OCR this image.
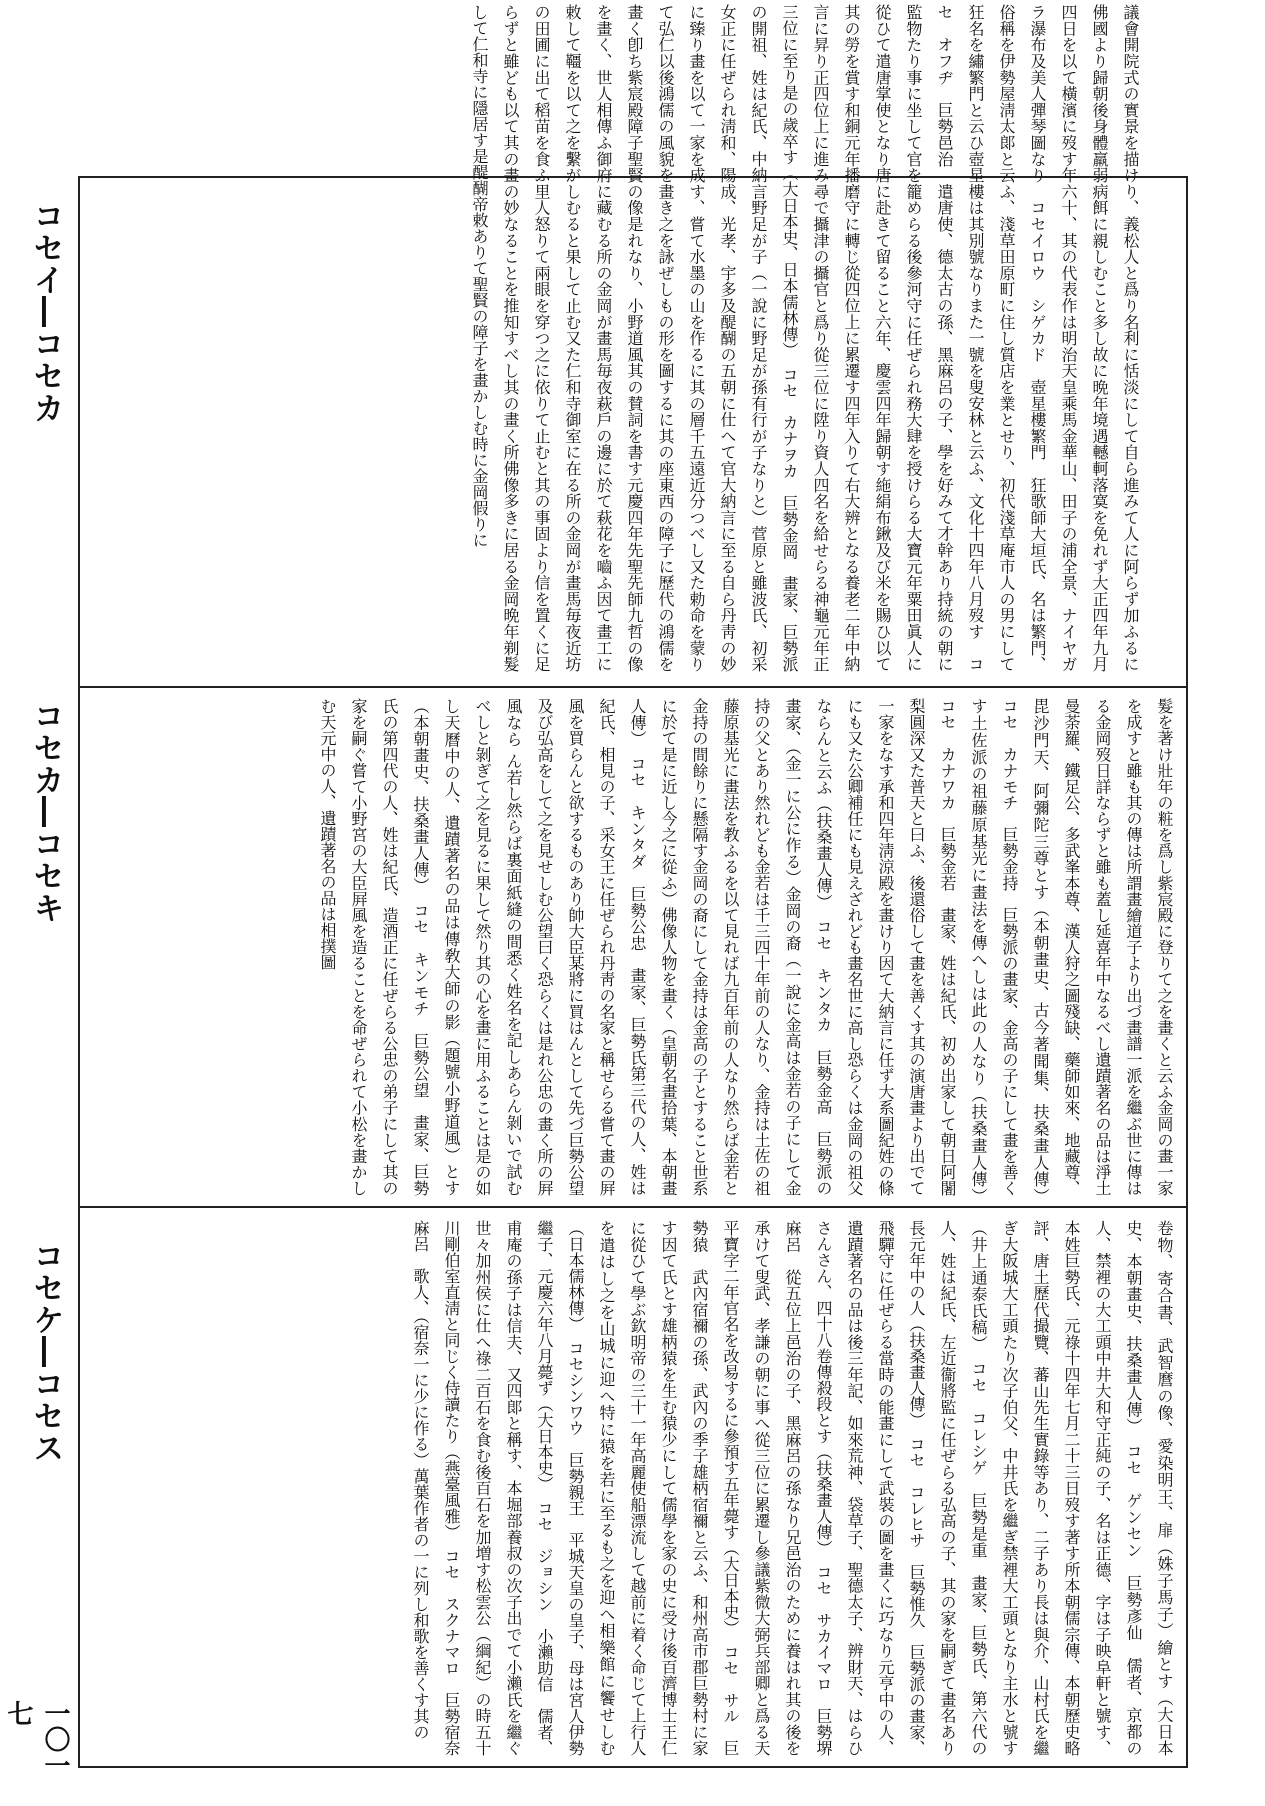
コセイ―コセカ
コセカ―コセキ
コセケ―コセス
一〇一七
議會開院式の實景を描けり、義松人と爲り名利に恬淡にして自ら進みて人に阿らず加ふるに佛國より歸朝後身體羸弱病餌に親しむこと多し故に晩年境遇轗軻落寞を免れず大正四年九月四日を以て橫濱に歿す年六十、其の代表作は明治天皇乘馬金華山、田子の浦全景、ナイヤガラ瀑布及美人彈琴圖なり　コセイロウ　シゲカド　壺星樓繁門　狂歌師大垣氏、名は繁門、俗稱を伊勢屋淸太郞と云ふ、淺草田原町に住し質店を業とせり、初代淺草庵市人の男にして狂名を繡繁門と云ひ壺星樓は其別號なりまた一號を叟安林と云ふ、文化十四年八月歿す　コセ　オフヂ　巨勢邑治　遣唐使、德太古の孫、黑麻呂の子、學を好みて才幹あり持統の朝に監物たり事に坐して官を籠めらる後參河守に任ぜられ務大肆を授けらる大寶元年粟田眞人に從ひて遣唐掌使となり唐に赴きて留ること六年、慶雲四年歸朝す絁絹布鍬及び米を賜ひ以て其の勞を賞す和銅元年播磨守に轉じ從四位上に累遷す四年入りて右大辨となる養老二年中納言に昇り正四位上に進み尋で攝津の攝官と爲り從三位に陞り資人四名を給せらる神龜元年正三位に至り是の歲卒す（大日本史、日本儒林傳）　コセ　カナヲカ　巨勢金岡　畫家、巨勢派の開祖、姓は紀氏、中納言野足が子（一說に野足が孫有行が子なりと）菅原と雖波氏、初采女正に任ぜられ淸和、陽成、光孝、宇多及醍醐の五朝に仕へて官大納言に至る自ら丹靑の妙に臻り畫を以て一家を成す、嘗て水墨の山を作るに其の層千五遠近分つべし又た勅命を蒙りて弘仁以後鴻儒の風貌を畫き之を詠ぜしもの形を圖するに其の座東西の障子に歷代の鴻儒を畫く卽ち紫宸殿障子聖賢の像是れなり、小野道風其の賛詞を書す元慶四年先聖先師九哲の像を畫く、世人相傳ふ御府に藏むる所の金岡が畫馬毎夜萩戶の邊に於て萩花を嚙ふ因て畫工に敕して韁を以て之を繫がしむると果して止む又た仁和寺御室に在る所の金岡が畫馬毎夜近坊の田圃に出て稻苗を食ふ里人怒りて兩眼を穿つ之に依りて止むと其の事固より信を置くに足らずと雖ども以て其の畫の妙なることを推知すべし其の畫く所佛像多きに居る金岡晩年剃髮して仁和寺に隱居す是醍醐帝敕ありて聖賢の障子を畫かしむ時に金岡假りに
髮を著け壯年の粧を爲し紫宸殿に登りて之を畫くと云ふ金岡の畫一家を成すと雖も其の傳は所謂畫繪道子より出づ畫譜一派を繼ぶ世に傳はる金岡歿日詳ならずと雖も蓋し延喜年中なるべし遺蹟著名の品は淨土曼荼羅、鐵足公、多武峯本尊、漢人狩之圖殘缺、藥師如來、地藏尊、毘沙門天、阿彌陀三尊とす（本朝畫史、古今著聞集、扶桑畫人傳）　コセ　カナモチ　巨勢金持　巨勢派の畫家、金高の子にして畫を善くす土佐派の祖藤原基光に畫法を傳へしは此の人なり（扶桑畫人傳）　コセ　カナワカ　巨勢金若　畫家、姓は紀氏、初め出家して朝日阿闍梨圓深又た普天と曰ふ、後還俗して畫を善くす其の演唐畫より出でて一家をなす承和四年淸涼殿を畫けり因て大納言に任ず大系圖紀姓の條にも又た公卿補任にも見えざれども畫名世に高し恐らくは金岡の祖父ならんと云ふ（扶桑畫人傳）　コセ　キンタカ　巨勢金高　巨勢派の畫家、（金一に公に作る）金岡の裔（一說に金高は金若の子にして金持の父とあり然れども金若は千三四十年前の人なり、金持は土佐の祖藤原基光に畫法を教ふるを以て見れば九百年前の人なり然らば金若と金持の間餘りに懸隔す金岡の裔にして金持は金高の子とすること世系に於て是に近し今之に從ふ）佛像人物を畫く（皇朝名畫拾葉、本朝畫人傳）　コセ　キンタダ　巨勢公忠　畫家、巨勢氏第三代の人、姓は紀氏、相見の子、采女王に任ぜられ丹靑の名家と稱せらる嘗て畫の屛風を買らんと欲するものあり帥大臣某將に買はんとして先づ巨勢公望及び弘高をして之を見せしむ公望曰く恐らくは是れ公忠の畫く所の屛風なら ん若し然らば裏面紙縫の間悉く姓名を記しあらん剝いで試むべしと剝ぎて之を見るに果して然り其の心を畫に用ふることは是の如し天曆中の人、遺蹟著名の品は傳敎大師の影（題號小野道風）とす（本朝畫史、扶桑畫人傳）　コセ　キンモチ　巨勢公望　畫家、巨勢氏の第四代の人、姓は紀氏、造酒正に任ぜらる公忠の弟子にして其の家を嗣ぐ嘗て小野宮の大臣屛風を造ることを命ぜられて小松を畫かしむ天元中の人、遺蹟著名の品は相撲圖
卷物、寄合書、武智麿の像、愛染明王、扉（姝子馬子）繪とす（大日本史、本朝畫史、扶桑畫人傳）　コセ　ゲンセン　巨勢彥仙　儒者、京都の人、禁裡の大工頭中井大和守正純の子、名は正德、字は子映阜軒と號す、本姓巨勢氏、元祿十四年七月二十三日歿す著す所本朝儒宗傳、本朝歷史略評、唐土歷代撮覽、蕃山先生實錄等あり、二子あり長は與介、山村氏を繼ぎ大阪城大工頭たり次子伯父、中井氏を繼ぎ禁裡大工頭となり主水と號す（井上通泰氏稿）　コセ　コレシゲ　巨勢是重　畫家、巨勢氏、第六代の人、姓は紀氏、左近衞將監に任ぜらる弘高の子、其の家を嗣ぎて畫名あり長元年中の人（扶桑畫人傳）　コセ　コレヒサ　巨勢惟久　巨勢派の畫家、飛驒守に任ぜらる當時の能畫にして武裝の圖を畫くに巧なり元亨中の人、遺蹟著名の品は後三年記、如來荒神、袋草子、聖德太子、辨財天、はらひさんさん、四十八卷傳殺段とす（扶桑畫人傳）　コセ　サカイマロ　巨勢堺麻呂　從五位上邑治の子、黑麻呂の孫なり兄邑治のために養はれ其の後を承けて叟武、孝謙の朝に事へ從三位に累遷し參議紫微大弼兵部卿と爲る天平寶字二年官名を改易するに參預す五年薨す（大日本史）　コセ　サル　巨勢猿　武內宿禰の孫、武內の季子雄柄宿禰と云ふ、和州高市郡巨勢村に家す因て氏とす雄柄猿を生む猿少にして儒學を家の史に受け後百濟博士王仁に從ひて學ぶ欽明帝の三十一年高麗使船漂流して越前に着く命じて上行人を遣はし之を山城に迎へ特に猿を若に至るも之を迎へ相樂館に饗せしむ（日本儒林傳）　コセシンワウ　巨勢親王　平城天皇の皇子、母は宮人伊勢繼子、元慶六年八月薨ず（大日本史）　コセ　ジョシン　小瀨助信　儒者、甫庵の孫子は信夫、又四郞と稱す、本堀部養叔の次子出でて小瀨氏を繼ぐ世々加州侯に仕へ祿二百石を食む後百石を加増す松雲公（綱紀）の時五十川剛伯室直淸と同じく侍讀たり（燕臺風雅）　コセ　スクナマロ　巨勢宿奈麻呂　歌人、（宿奈一に少に作る）萬葉作者の一に列し和歌を善くす其の
